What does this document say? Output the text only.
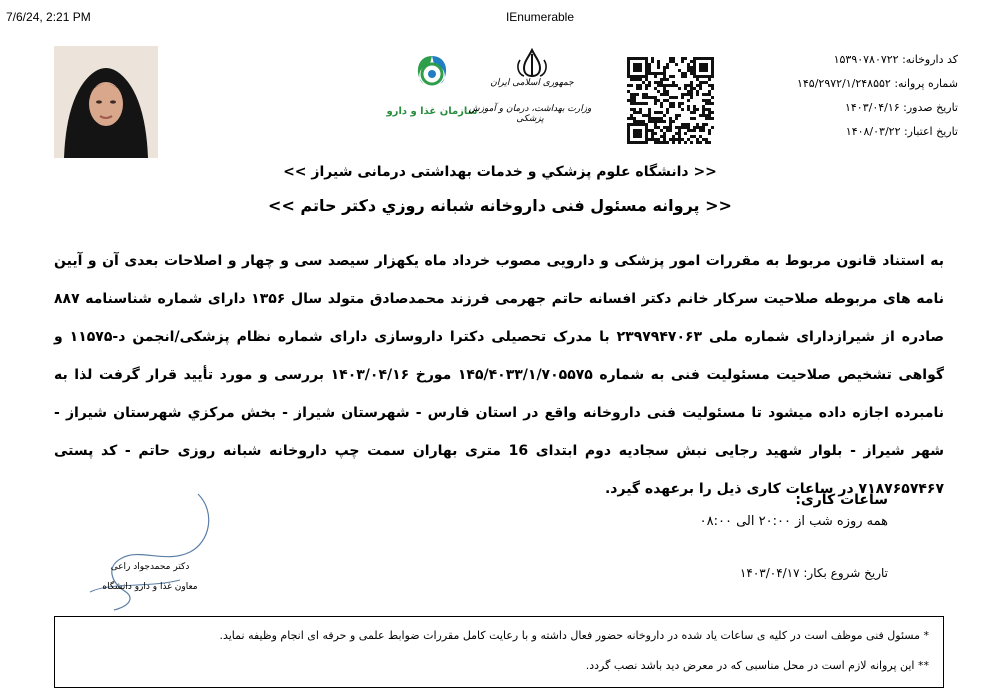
7/6/24, 2:21 PM	IEnumerable
سازمان غذا و دارو
جمهوری اسلامی ایران
وزارت بهداشت، درمان و آموزش پزشکی
کد داروخانه: ۱۵۳۹۰۷۸۰۷۲۲
شماره پروانه: ۱۴۵/۲۹۷۲/۱/۲۴۸۵۵۲
تاریخ صدور: ۱۴۰۳/۰۴/۱۶
تاریخ اعتبار: ۱۴۰۸/۰۳/۲۲
<< دانشگاه علوم پزشکي و خدمات بهداشتی درمانی شیراز >>
<< پروانه مسئول فنی داروخانه شبانه روزي دکتر حاتم >>
به استناد قانون مربوط به مقررات امور پزشکی و دارویی مصوب خرداد ماه یکهزار سیصد سی و چهار و اصلاحات بعدی آن و آیین نامه های مربوطه صلاحیت سرکار خانم دکتر افسانه حاتم جهرمی فرزند محمدصادق متولد سال ۱۳۵۶ دارای شماره شناسنامه ۸۸۷ صادره از شیرازدارای شماره ملی ۲۳۹۷۹۴۷۰۶۳ با مدرک تحصیلی دکترا داروسازی دارای شماره نظام پزشکی/انجمن د-۱۱۵۷۵ و گواهی تشخیص صلاحیت مسئولیت فنی به شماره ۱۴۵/۴۰۳۳/۱/۷۰۵۵۷۵ مورخ ۱۴۰۳/۰۴/۱۶ بررسی و مورد تأیید قرار گرفت لذا به نامبرده اجازه داده میشود تا مسئولیت فنی داروخانه واقع در استان فارس - شهرستان شیراز - بخش مرکزي شهرستان شیراز - شهر شیراز - بلوار شهید رجایی نبش سجادیه دوم ابتدای 16 متری بهاران سمت چپ داروخانه شبانه روزی حاتم - کد پستی ۷۱۸۷۶۵۷۴۶۷ در ساعات کاری ذیل را برعهده گیرد.
ساعات کاری:
همه روزه شب از ۲۰:۰۰ الی ۰۸:۰۰
تاریخ شروع بکار: ۱۴۰۳/۰۴/۱۷
دکتر محمدجواد راعی
معاون غذا و دارو دانشگاه
* مسئول فنی موظف است در کلیه ی ساعات یاد شده در داروخانه حضور فعال داشته و با رعایت کامل مقررات ضوابط علمی و حرفه ای انجام وظیفه نماید.
** این پروانه لازم است در محل مناسبی که در معرض دید باشد نصب گردد.
